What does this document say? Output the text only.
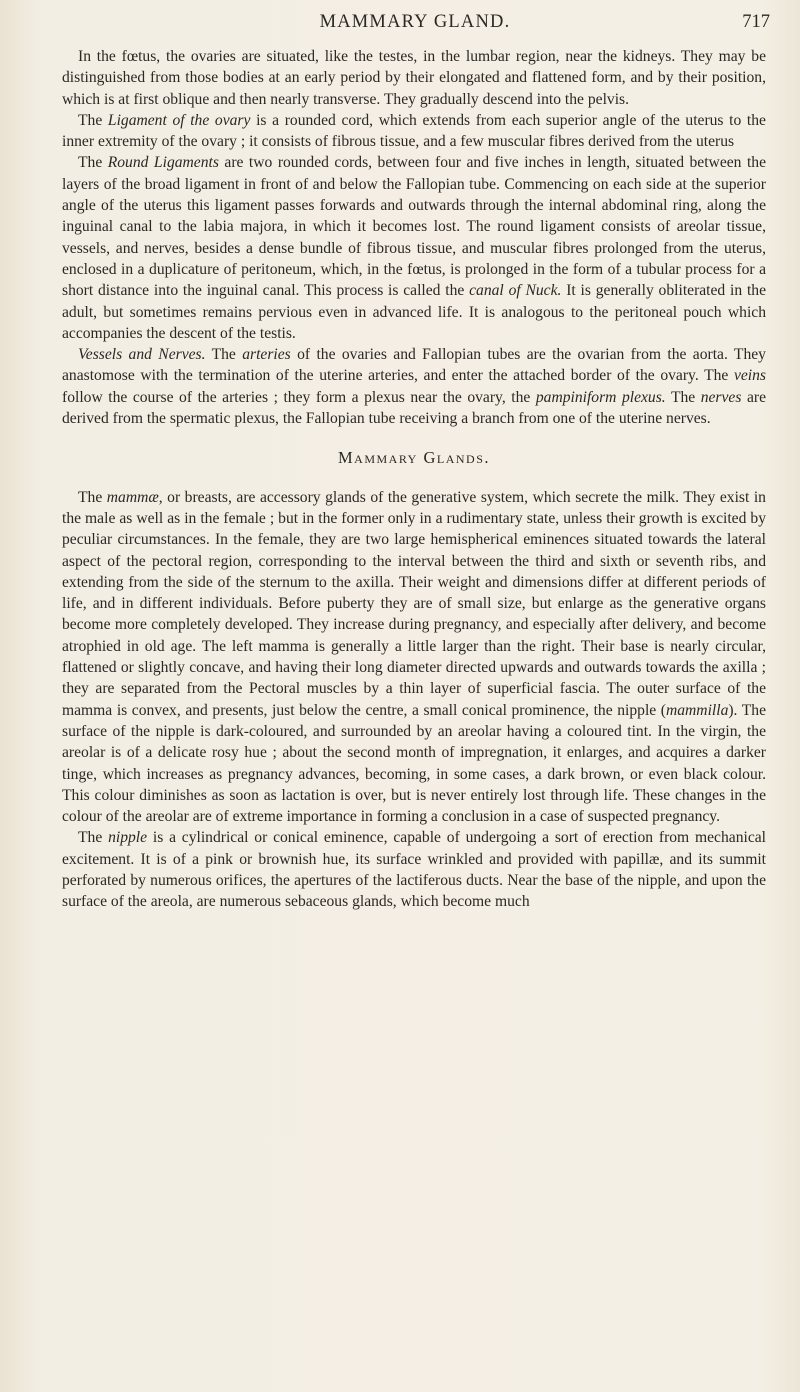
MAMMARY GLAND.	717

In the fœtus, the ovaries are situated, like the testes, in the lumbar region, near the kidneys. They may be distinguished from those bodies at an early period by their elongated and flattened form, and by their position, which is at first oblique and then nearly transverse. They gradually descend into the pelvis.

The Ligament of the ovary is a rounded cord, which extends from each superior angle of the uterus to the inner extremity of the ovary ; it consists of fibrous tissue, and a few muscular fibres derived from the uterus

The Round Ligaments are two rounded cords, between four and five inches in length, situated between the layers of the broad ligament in front of and below the Fallopian tube. Commencing on each side at the superior angle of the uterus this ligament passes forwards and outwards through the internal abdominal ring, along the inguinal canal to the labia majora, in which it becomes lost. The round ligament consists of areolar tissue, vessels, and nerves, besides a dense bundle of fibrous tissue, and muscular fibres prolonged from the uterus, enclosed in a duplicature of peritoneum, which, in the fœtus, is prolonged in the form of a tubular process for a short distance into the inguinal canal. This process is called the canal of Nuck. It is generally obliterated in the adult, but sometimes remains pervious even in advanced life. It is analogous to the peritoneal pouch which accompanies the descent of the testis.

Vessels and Nerves. The arteries of the ovaries and Fallopian tubes are the ovarian from the aorta. They anastomose with the termination of the uterine arteries, and enter the attached border of the ovary. The veins follow the course of the arteries ; they form a plexus near the ovary, the pampiniform plexus. The nerves are derived from the spermatic plexus, the Fallopian tube receiving a branch from one of the uterine nerves.

Mammary Glands.

The mammæ, or breasts, are accessory glands of the generative system, which secrete the milk. They exist in the male as well as in the female ; but in the former only in a rudimentary state, unless their growth is excited by peculiar circumstances. In the female, they are two large hemispherical eminences situated towards the lateral aspect of the pectoral region, corresponding to the interval between the third and sixth or seventh ribs, and extending from the side of the sternum to the axilla. Their weight and dimensions differ at different periods of life, and in different individuals. Before puberty they are of small size, but enlarge as the generative organs become more completely developed. They increase during pregnancy, and especially after delivery, and become atrophied in old age. The left mamma is generally a little larger than the right. Their base is nearly circular, flattened or slightly concave, and having their long diameter directed upwards and outwards towards the axilla ; they are separated from the Pectoral muscles by a thin layer of superficial fascia. The outer surface of the mamma is convex, and presents, just below the centre, a small conical prominence, the nipple (mammilla). The surface of the nipple is dark-coloured, and surrounded by an areolar having a coloured tint. In the virgin, the areolar is of a delicate rosy hue ; about the second month of impregnation, it enlarges, and acquires a darker tinge, which increases as pregnancy advances, becoming, in some cases, a dark brown, or even black colour. This colour diminishes as soon as lactation is over, but is never entirely lost through life. These changes in the colour of the areolar are of extreme importance in forming a conclusion in a case of suspected pregnancy.

The nipple is a cylindrical or conical eminence, capable of undergoing a sort of erection from mechanical excitement. It is of a pink or brownish hue, its surface wrinkled and provided with papillæ, and its summit perforated by numerous orifices, the apertures of the lactiferous ducts. Near the base of the nipple, and upon the surface of the areola, are numerous sebaceous glands, which become much
